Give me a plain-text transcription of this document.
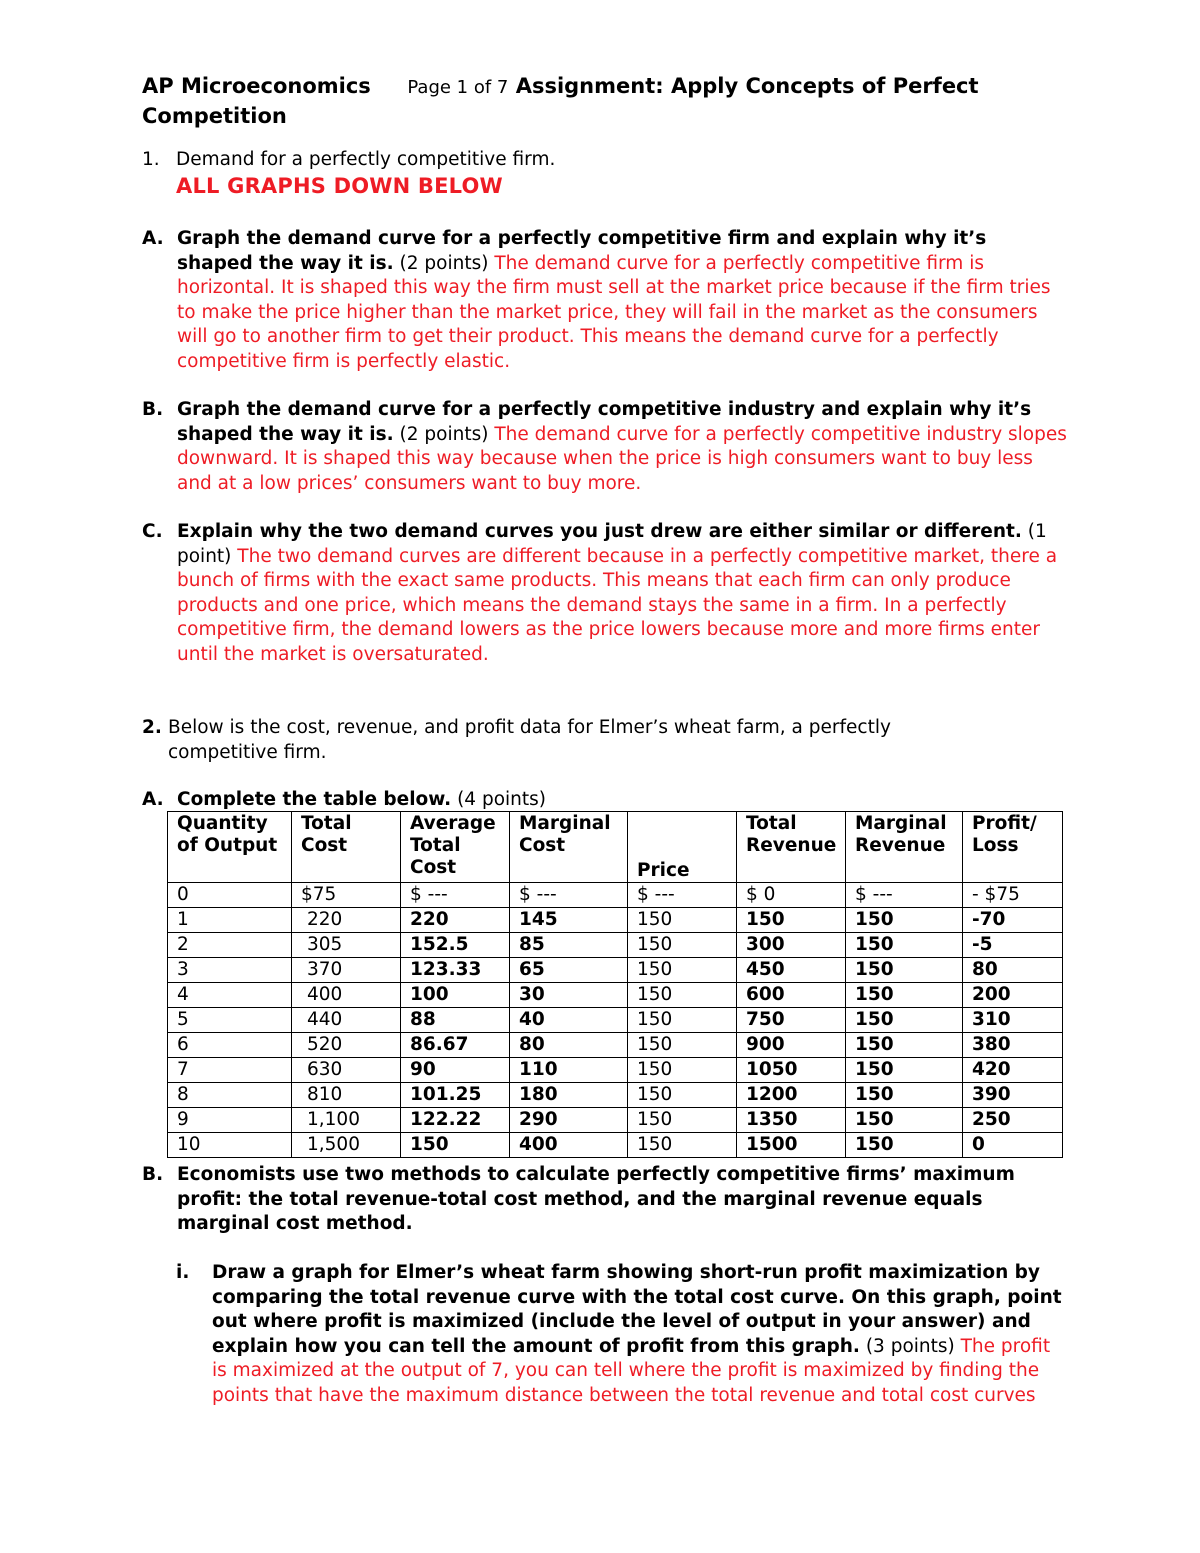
AP Microeconomics Page 1 of 7 Assignment: Apply Concepts of Perfect
Competition
1. Demand for a perfectly competitive firm.
ALL GRAPHS DOWN BELOW
A. Graph the demand curve for a perfectly competitive firm and explain why it’s shaped the way it is. (2 points) The demand curve for a perfectly competitive firm is horizontal. It is shaped this way the firm must sell at the market price because if the firm tries to make the price higher than the market price, they will fail in the market as the consumers will go to another firm to get their product. This means the demand curve for a perfectly competitive firm is perfectly elastic.
B. Graph the demand curve for a perfectly competitive industry and explain why it’s shaped the way it is. (2 points) The demand curve for a perfectly competitive industry slopes downward. It is shaped this way because when the price is high consumers want to buy less and at a low prices’ consumers want to buy more.
C. Explain why the two demand curves you just drew are either similar or different. (1 point) The two demand curves are different because in a perfectly competitive market, there a bunch of firms with the exact same products. This means that each firm can only produce products and one price, which means the demand stays the same in a firm. In a perfectly competitive firm, the demand lowers as the price lowers because more and more firms enter until the market is oversaturated.
2. Below is the cost, revenue, and profit data for Elmer’s wheat farm, a perfectly competitive firm.
A. Complete the table below. (4 points)
Quantity of Output	Total Cost	Average Total Cost	Marginal Cost	Price	Total Revenue	Marginal Revenue	Profit/ Loss
0	$75	$ ---	$ ---	$ ---	$ 0	$ ---	- $75
1	220	220	145	150	150	150	-70
2	305	152.5	85	150	300	150	-5
3	370	123.33	65	150	450	150	80
4	400	100	30	150	600	150	200
5	440	88	40	150	750	150	310
6	520	86.67	80	150	900	150	380
7	630	90	110	150	1050	150	420
8	810	101.25	180	150	1200	150	390
9	1,100	122.22	290	150	1350	150	250
10	1,500	150	400	150	1500	150	0
B. Economists use two methods to calculate perfectly competitive firms’ maximum profit: the total revenue-total cost method, and the marginal revenue equals marginal cost method.
i. Draw a graph for Elmer’s wheat farm showing short-run profit maximization by comparing the total revenue curve with the total cost curve. On this graph, point out where profit is maximized (include the level of output in your answer) and explain how you can tell the amount of profit from this graph. (3 points) The profit is maximized at the output of 7, you can tell where the profit is maximized by finding the points that have the maximum distance between the total revenue and total cost curves
